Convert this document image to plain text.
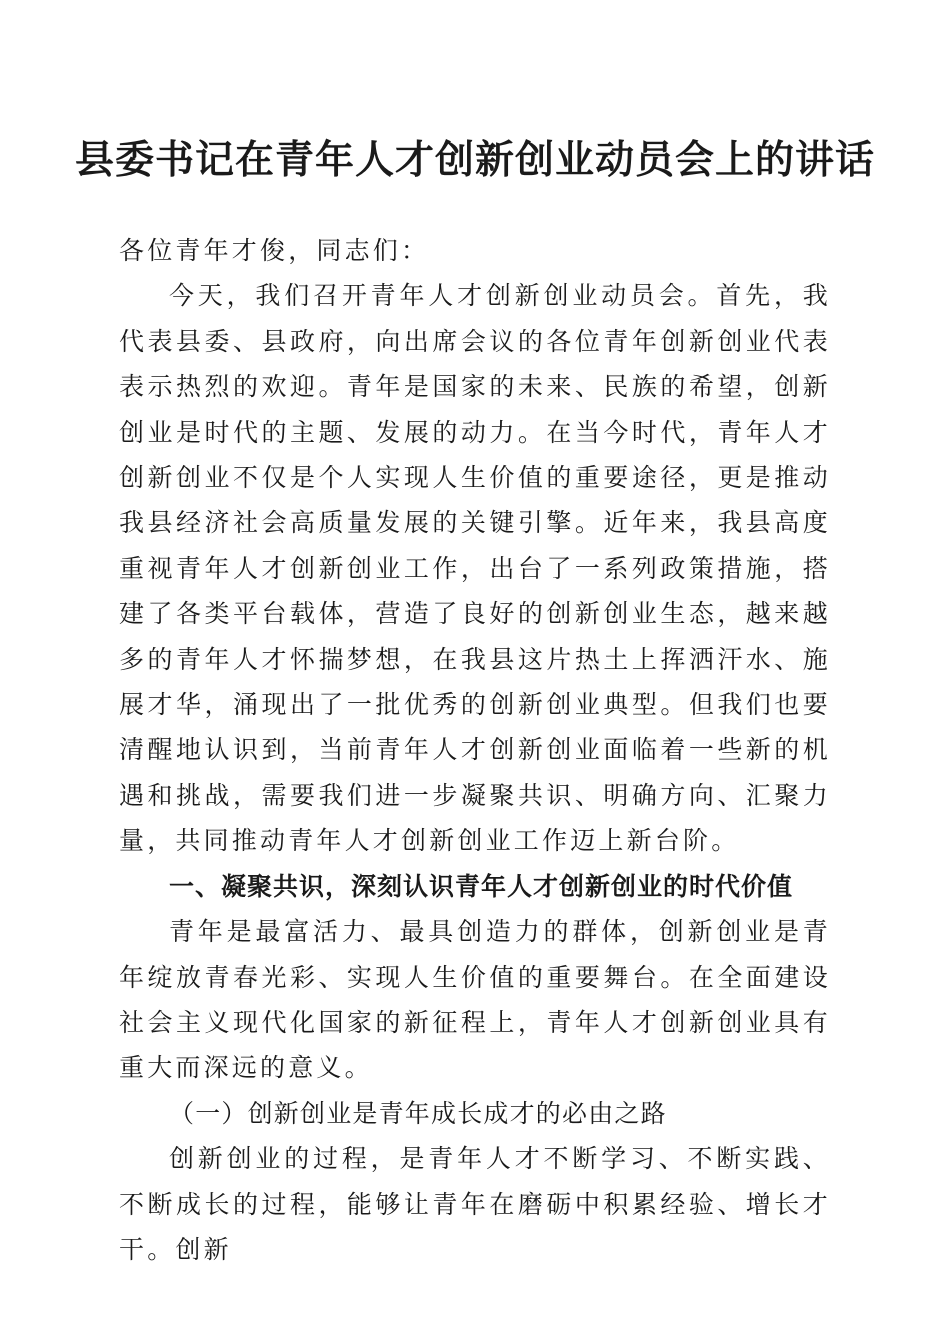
县委书记在青年人才创新创业动员会上的讲话

各位青年才俊，同志们：

今天，我们召开青年人才创新创业动员会。首先，我代表县委、县政府，向出席会议的各位青年创新创业代表表示热烈的欢迎。青年是国家的未来、民族的希望，创新创业是时代的主题、发展的动力。在当今时代，青年人才创新创业不仅是个人实现人生价值的重要途径，更是推动我县经济社会高质量发展的关键引擎。近年来，我县高度重视青年人才创新创业工作，出台了一系列政策措施，搭建了各类平台载体，营造了良好的创新创业生态，越来越多的青年人才怀揣梦想，在我县这片热土上挥洒汗水、施展才华，涌现出了一批优秀的创新创业典型。但我们也要清醒地认识到，当前青年人才创新创业面临着一些新的机遇和挑战，需要我们进一步凝聚共识、明确方向、汇聚力量，共同推动青年人才创新创业工作迈上新台阶。

一、凝聚共识，深刻认识青年人才创新创业的时代价值

青年是最富活力、最具创造力的群体，创新创业是青年绽放青春光彩、实现人生价值的重要舞台。在全面建设社会主义现代化国家的新征程上，青年人才创新创业具有重大而深远的意义。

（一）创新创业是青年成长成才的必由之路

创新创业的过程，是青年人才不断学习、不断实践、不断成长的过程，能够让青年在磨砺中积累经验、增长才干。创新
